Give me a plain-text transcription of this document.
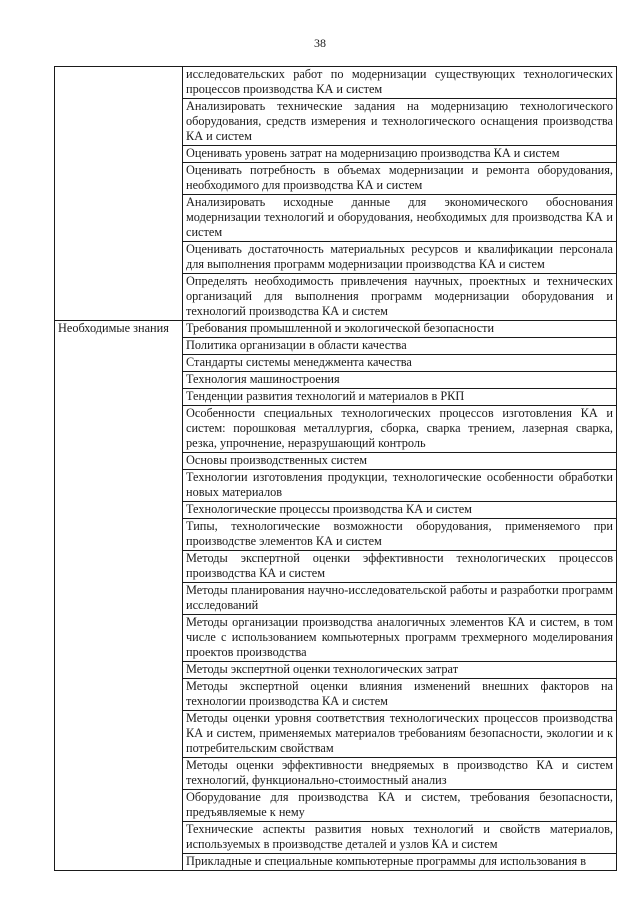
38
	исследовательских работ по модернизации существующих технологических процессов производства КА и систем
	Анализировать технические задания на модернизацию технологического оборудования, средств измерения и технологического оснащения производства КА и систем
	Оценивать уровень затрат на модернизацию производства КА и систем
	Оценивать потребность в объемах модернизации и ремонта оборудования, необходимого для производства КА и систем
	Анализировать исходные данные для экономического обоснования модернизации технологий и оборудования, необходимых для производства КА и систем
	Оценивать достаточность материальных ресурсов и квалификации персонала для выполнения программ модернизации производства КА и систем
	Определять необходимость привлечения научных, проектных и технических организаций для выполнения программ модернизации оборудования и технологий производства КА и систем
Необходимые знания	Требования промышленной и экологической безопасности
	Политика организации в области качества
	Стандарты системы менеджмента качества
	Технология машиностроения
	Тенденции развития технологий и материалов в РКП
	Особенности специальных технологических процессов изготовления КА и систем: порошковая металлургия, сборка, сварка трением, лазерная сварка, резка, упрочнение, неразрушающий контроль
	Основы производственных систем
	Технологии изготовления продукции, технологические особенности обработки новых материалов
	Технологические процессы производства КА и систем
	Типы, технологические возможности оборудования, применяемого при производстве элементов КА и систем
	Методы экспертной оценки эффективности технологических процессов производства КА и систем
	Методы планирования научно-исследовательской работы и разработки программ исследований
	Методы организации производства аналогичных элементов КА и систем, в том числе с использованием компьютерных программ трехмерного моделирования проектов производства
	Методы экспертной оценки технологических затрат
	Методы экспертной оценки влияния изменений внешних факторов на технологии производства КА и систем
	Методы оценки уровня соответствия технологических процессов производства КА и систем, применяемых материалов требованиям безопасности, экологии и к потребительским свойствам
	Методы оценки эффективности внедряемых в производство КА и систем технологий, функционально-стоимостный анализ
	Оборудование для производства КА и систем, требования безопасности, предъявляемые к нему
	Технические аспекты развития новых технологий и свойств материалов, используемых в производстве деталей и узлов КА и систем
	Прикладные и специальные компьютерные программы для использования в
